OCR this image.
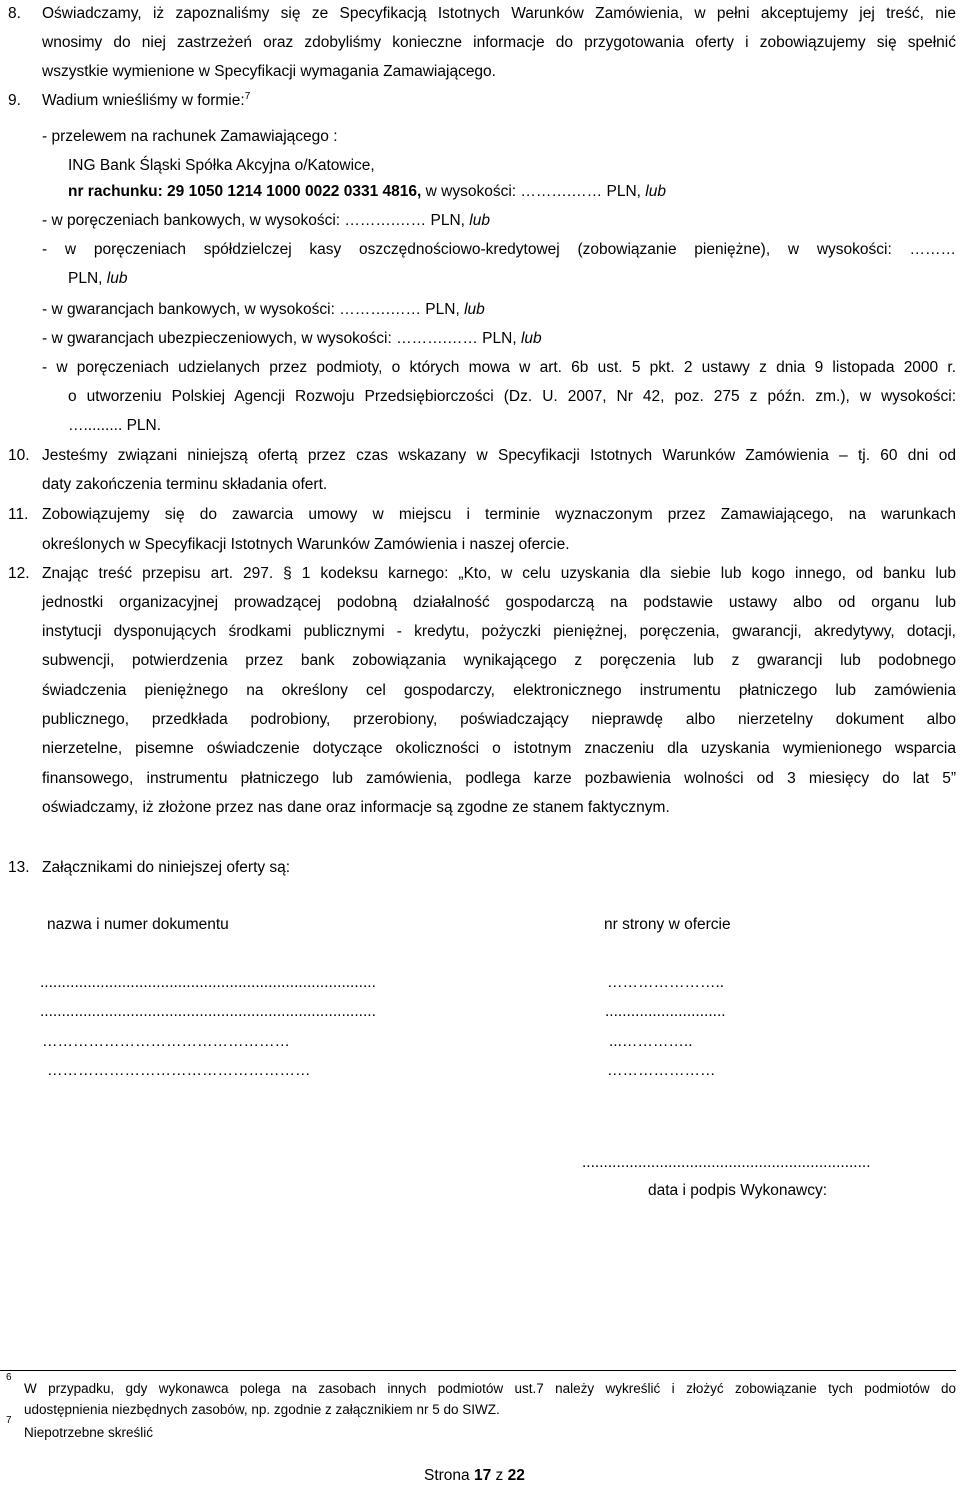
8. Oświadczamy, iż zapoznaliśmy się ze Specyfikacją Istotnych Warunków Zamówienia, w pełni akceptujemy jej treść, nie
wnosimy do niej zastrzeżeń oraz zdobyliśmy konieczne informacje do przygotowania oferty i zobowiązujemy się spełnić
wszystkie wymienione w Specyfikacji wymagania Zamawiającego.
9. Wadium wnieśliśmy w formie:$^7$
- przelewem na rachunek Zamawiającego :
ING Bank Śląski Spółka Akcyjna o/Katowice,
nr rachunku: 29 1050 1214 1000 0022 0331 4816, w wysokości: ……….…… PLN, lub
- w poręczeniach bankowych, w wysokości: ……….…… PLN, lub
- w poręczeniach spółdzielczej kasy oszczędnościowo-kredytowej (zobowiązanie pieniężne), w wysokości: ………
PLN, lub
- w gwarancjach bankowych, w wysokości: ……….…… PLN, lub
- w gwarancjach ubezpieczeniowych, w wysokości: ……….…… PLN, lub
- w poręczeniach udzielanych przez podmioty, o których mowa w art. 6b ust. 5 pkt. 2 ustawy z dnia 9 listopada 2000 r.
o utworzeniu Polskiej Agencji Rozwoju Przedsiębiorczości (Dz. U. 2007, Nr 42, poz. 275 z późn. zm.), w wysokości:
…......... PLN.
10. Jesteśmy związani niniejszą ofertą przez czas wskazany w Specyfikacji Istotnych Warunków Zamówienia – tj. 60 dni od
daty zakończenia terminu składania ofert.
11. Zobowiązujemy się do zawarcia umowy w miejscu i terminie wyznaczonym przez Zamawiającego, na warunkach
określonych w Specyfikacji Istotnych Warunków Zamówienia i naszej ofercie.
12. Znając treść przepisu art. 297. § 1 kodeksu karnego: „Kto, w celu uzyskania dla siebie lub kogo innego, od banku lub
jednostki organizacyjnej prowadzącej podobną działalność gospodarczą na podstawie ustawy albo od organu lub
instytucji dysponujących środkami publicznymi - kredytu, pożyczki pieniężnej, poręczenia, gwarancji, akredytywy, dotacji,
subwencji, potwierdzenia przez bank zobowiązania wynikającego z poręczenia lub z gwarancji lub podobnego
świadczenia pieniężnego na określony cel gospodarczy, elektronicznego instrumentu płatniczego lub zamówienia
publicznego, przedkłada podrobiony, przerobiony, poświadczający nieprawdę albo nierzetelny dokument albo
nierzetelne, pisemne oświadczenie dotyczące okoliczności o istotnym znaczeniu dla uzyskania wymienionego wsparcia
finansowego, instrumentu płatniczego lub zamówienia, podlega karze pozbawienia wolności od 3 miesięcy do lat 5”
oświadczamy, iż złożone przez nas dane oraz informacje są zgodne ze stanem faktycznym.
13. Załącznikami do niniejszej oferty są:
nazwa i numer dokumentu	nr strony w ofercie
..............................................................................	…………………..
..............................................................................	............................
…………………………………………	...…………..
……………………………………………	…………………
...................................................................
data i podpis Wykonawcy:
$^6$
W przypadku, gdy wykonawca polega na zasobach innych podmiotów ust.7 należy wykreślić i złożyć zobowiązanie tych podmiotów do
udostępnienia niezbędnych zasobów, np. zgodnie z załącznikiem nr 5 do SIWZ.
$^7$
Niepotrzebne skreślić
Strona 17 z 22
